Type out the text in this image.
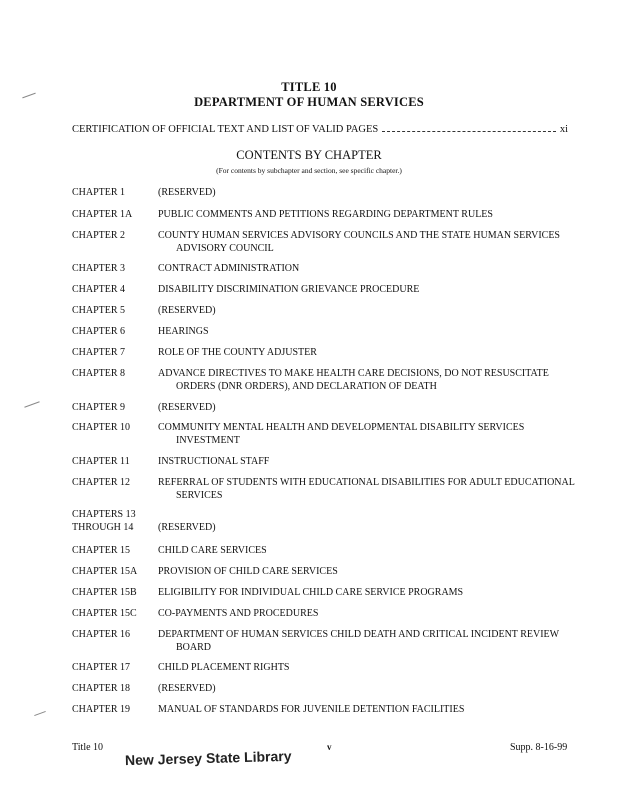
TITLE 10
DEPARTMENT OF HUMAN SERVICES
CERTIFICATION OF OFFICIAL TEXT AND LIST OF VALID PAGES	xi
CONTENTS BY CHAPTER
(For contents by subchapter and section, see specific chapter.)
CHAPTER 1	(RESERVED)
CHAPTER 1A	PUBLIC COMMENTS AND PETITIONS REGARDING DEPARTMENT RULES
CHAPTER 2	COUNTY HUMAN SERVICES ADVISORY COUNCILS AND THE STATE HUMAN SERVICES ADVISORY COUNCIL
CHAPTER 3	CONTRACT ADMINISTRATION
CHAPTER 4	DISABILITY DISCRIMINATION GRIEVANCE PROCEDURE
CHAPTER 5	(RESERVED)
CHAPTER 6	HEARINGS
CHAPTER 7	ROLE OF THE COUNTY ADJUSTER
CHAPTER 8	ADVANCE DIRECTIVES TO MAKE HEALTH CARE DECISIONS, DO NOT RESUSCITATE ORDERS (DNR ORDERS), AND DECLARATION OF DEATH
CHAPTER 9	(RESERVED)
CHAPTER 10	COMMUNITY MENTAL HEALTH AND DEVELOPMENTAL DISABILITY SERVICES INVESTMENT
CHAPTER 11	INSTRUCTIONAL STAFF
CHAPTER 12	REFERRAL OF STUDENTS WITH EDUCATIONAL DISABILITIES FOR ADULT EDUCATIONAL SERVICES
CHAPTERS 13 THROUGH 14	(RESERVED)
CHAPTER 15	CHILD CARE SERVICES
CHAPTER 15A	PROVISION OF CHILD CARE SERVICES
CHAPTER 15B	ELIGIBILITY FOR INDIVIDUAL CHILD CARE SERVICE PROGRAMS
CHAPTER 15C	CO-PAYMENTS AND PROCEDURES
CHAPTER 16	DEPARTMENT OF HUMAN SERVICES CHILD DEATH AND CRITICAL INCIDENT REVIEW BOARD
CHAPTER 17	CHILD PLACEMENT RIGHTS
CHAPTER 18	(RESERVED)
CHAPTER 19	MANUAL OF STANDARDS FOR JUVENILE DETENTION FACILITIES
Title 10	v	Supp. 8-16-99
New Jersey State Library
